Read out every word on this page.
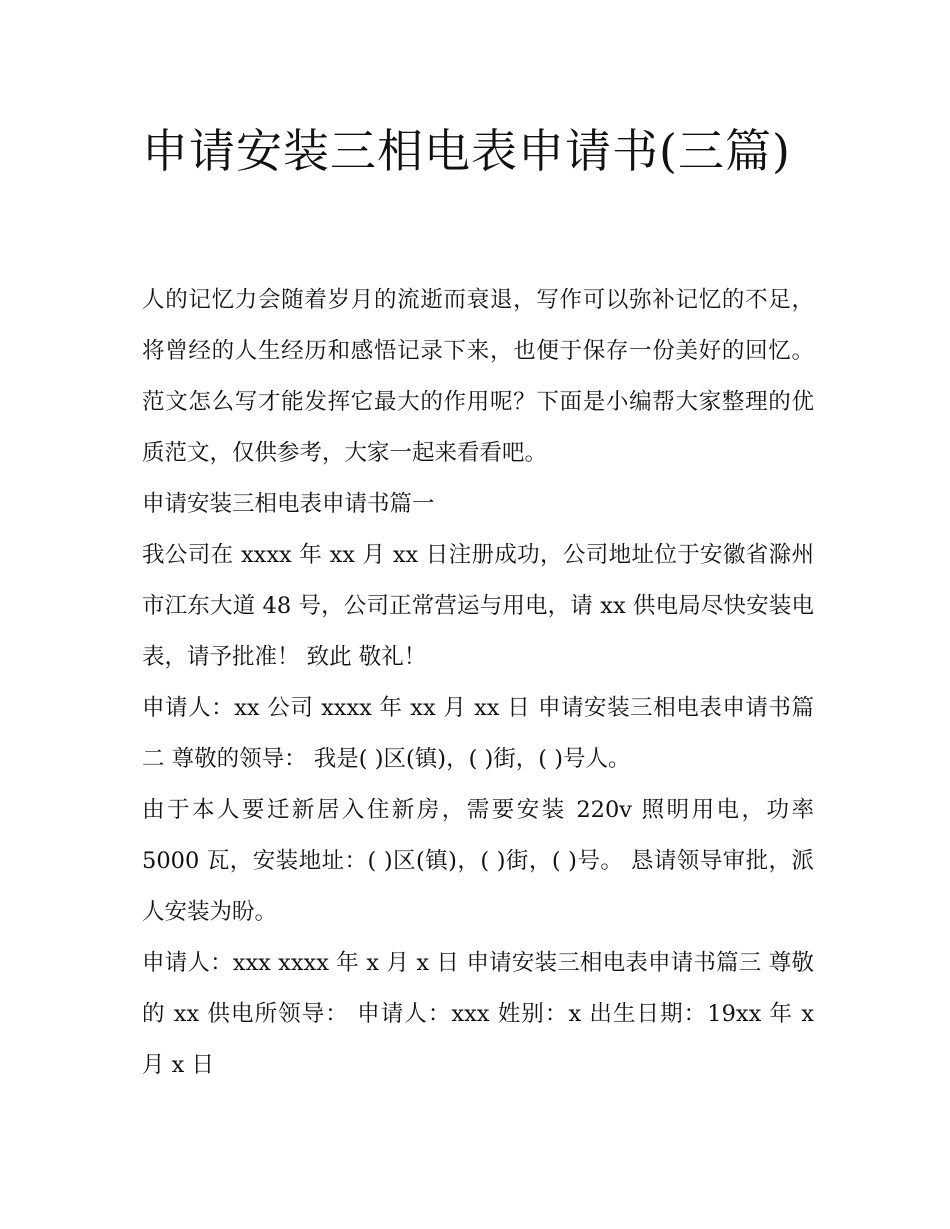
申请安装三相电表申请书(三篇)

人的记忆力会随着岁月的流逝而衰退，写作可以弥补记忆的不足，将曾经的人生经历和感悟记录下来，也便于保存一份美好的回忆。范文怎么写才能发挥它最大的作用呢？下面是小编帮大家整理的优质范文，仅供参考，大家一起来看看吧。

申请安装三相电表申请书篇一

我公司在 xxxx 年 xx 月 xx 日注册成功，公司地址位于安徽省滁州市江东大道 48 号，公司正常营运与用电，请 xx 供电局尽快安装电表，请予批准！ 致此 敬礼！

申请人：xx 公司 xxxx 年 xx 月 xx 日 申请安装三相电表申请书篇二 尊敬的领导： 我是( )区(镇)，( )街，( )号人。

由于本人要迁新居入住新房，需要安装 220v 照明用电，功率 5000 瓦，安装地址：( )区(镇)，( )街，( )号。 恳请领导审批，派人安装为盼。

申请人：xxx xxxx 年 x 月 x 日 申请安装三相电表申请书篇三 尊敬的 xx 供电所领导： 申请人：xxx 姓别：x 出生日期：19xx 年 x 月 x 日
